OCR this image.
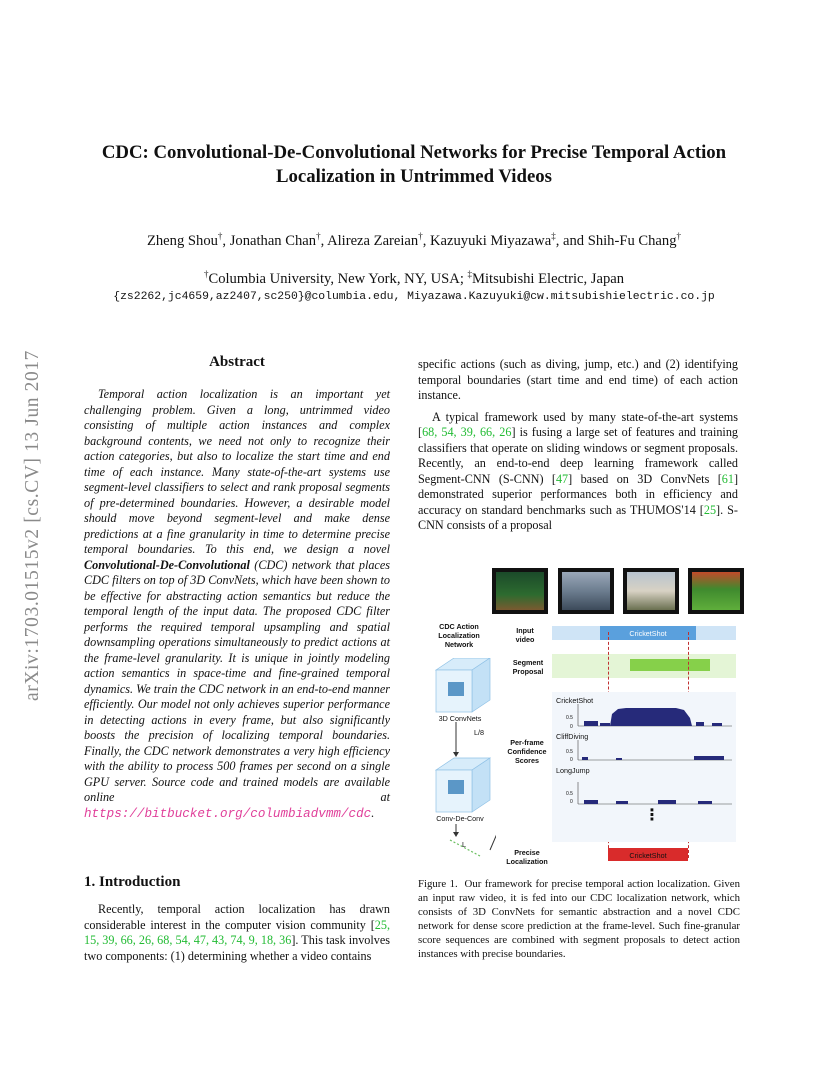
arXiv:1703.01515v2 [cs.CV] 13 Jun 2017
CDC: Convolutional-De-Convolutional Networks for Precise Temporal Action Localization in Untrimmed Videos
Zheng Shou†, Jonathan Chan†, Alireza Zareian†, Kazuyuki Miyazawa‡, and Shih-Fu Chang†
†Columbia University, New York, NY, USA; ‡Mitsubishi Electric, Japan
{zs2262,jc4659,az2407,sc250}@columbia.edu, Miyazawa.Kazuyuki@cw.mitsubishielectric.co.jp
Abstract
Temporal action localization is an important yet challenging problem. Given a long, untrimmed video consisting of multiple action instances and complex background contents, we need not only to recognize their action categories, but also to localize the start time and end time of each instance. Many state-of-the-art systems use segment-level classifiers to select and rank proposal segments of pre-determined boundaries. However, a desirable model should move beyond segment-level and make dense predictions at a fine granularity in time to determine precise temporal boundaries. To this end, we design a novel Convolutional-De-Convolutional (CDC) network that places CDC filters on top of 3D ConvNets, which have been shown to be effective for abstracting action semantics but reduce the temporal length of the input data. The proposed CDC filter performs the required temporal upsampling and spatial downsampling operations simultaneously to predict actions at the frame-level granularity. It is unique in jointly modeling action semantics in space-time and fine-grained temporal dynamics. We train the CDC network in an end-to-end manner efficiently. Our model not only achieves superior performance in detecting actions in every frame, but also significantly boosts the precision of localizing temporal boundaries. Finally, the CDC network demonstrates a very high efficiency with the ability to process 500 frames per second on a single GPU server. Source code and trained models are available online at https://bitbucket.org/columbiadvmm/cdc.
1. Introduction
Recently, temporal action localization has drawn considerable interest in the computer vision community [25, 15, 39, 66, 26, 68, 54, 47, 43, 74, 9, 18, 36]. This task involves two components: (1) determining whether a video contains

specific actions (such as diving, jump, etc.) and (2) identifying temporal boundaries (start time and end time) of each action instance.

A typical framework used by many state-of-the-art systems [68, 54, 39, 66, 26] is fusing a large set of features and training classifiers that operate on sliding windows or segment proposals. Recently, an end-to-end deep learning framework called Segment-CNN (S-CNN) [47] based on 3D ConvNets [61] demonstrated superior performances both in efficiency and accuracy on standard benchmarks such as THUMOS'14 [25]. S-CNN consists of a proposal

CricketShot
CricketShot
0.5
0
CliffDiving
0.5
0
LongJump
0.5
0
⋮
CricketShot
CDC Action
Localization
Network
Input
video
Segment
Proposal
3D ConvNets
L/8
Conv-De-Conv
L
Per-frame
Confidence
Scores
Precise
Localization
Figure 1. Our framework for precise temporal action localization. Given an input raw video, it is fed into our CDC localization network, which consists of 3D ConvNets for semantic abstraction and a novel CDC network for dense score prediction at the frame-level. Such fine-granular score sequences are combined with segment proposals to detect action instances with precise boundaries.
